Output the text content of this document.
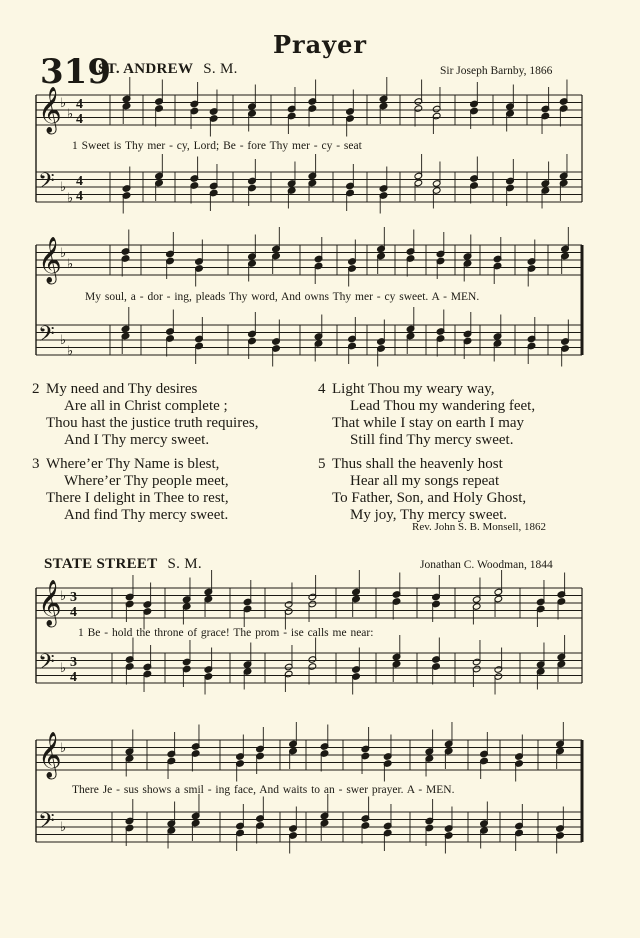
Prayer
319
ST. ANDREW S. M.	Sir Joseph Barnby, 1866
𝄞
♭
♭
4
4
𝄢 ♭
♭
4
4
𝄞
♭
♭
𝄢 ♭
♭
𝄞
♭ 3
4
𝄢 ♭ 3
4
𝄞
♭
𝄢 ♭
1 Sweet is Thy mer - cy, Lord; Be - fore Thy mer - cy - seat
My soul, a - dor - ing, pleads Thy word, And owns Thy mer - cy sweet. A - MEN.
2 My need and Thy desires
Are all in Christ complete ;
Thou hast the justice truth requires,
And I Thy mercy sweet.
3 Where’er Thy Name is blest,
Where’er Thy people meet,
There I delight in Thee to rest,
And find Thy mercy sweet.
4 Light Thou my weary way,
Lead Thou my wandering feet,
That while I stay on earth I may
Still find Thy mercy sweet.
5 Thus shall the heavenly host
Hear all my songs repeat
To Father, Son, and Holy Ghost,
My joy, Thy mercy sweet.
Rev. John S. B. Monsell, 1862
STATE STREET S. M.	Jonathan C. Woodman, 1844
1 Be - hold the throne of grace! The prom - ise calls me near:
There Je - sus shows a smil - ing face, And waits to an - swer prayer. A - MEN.
